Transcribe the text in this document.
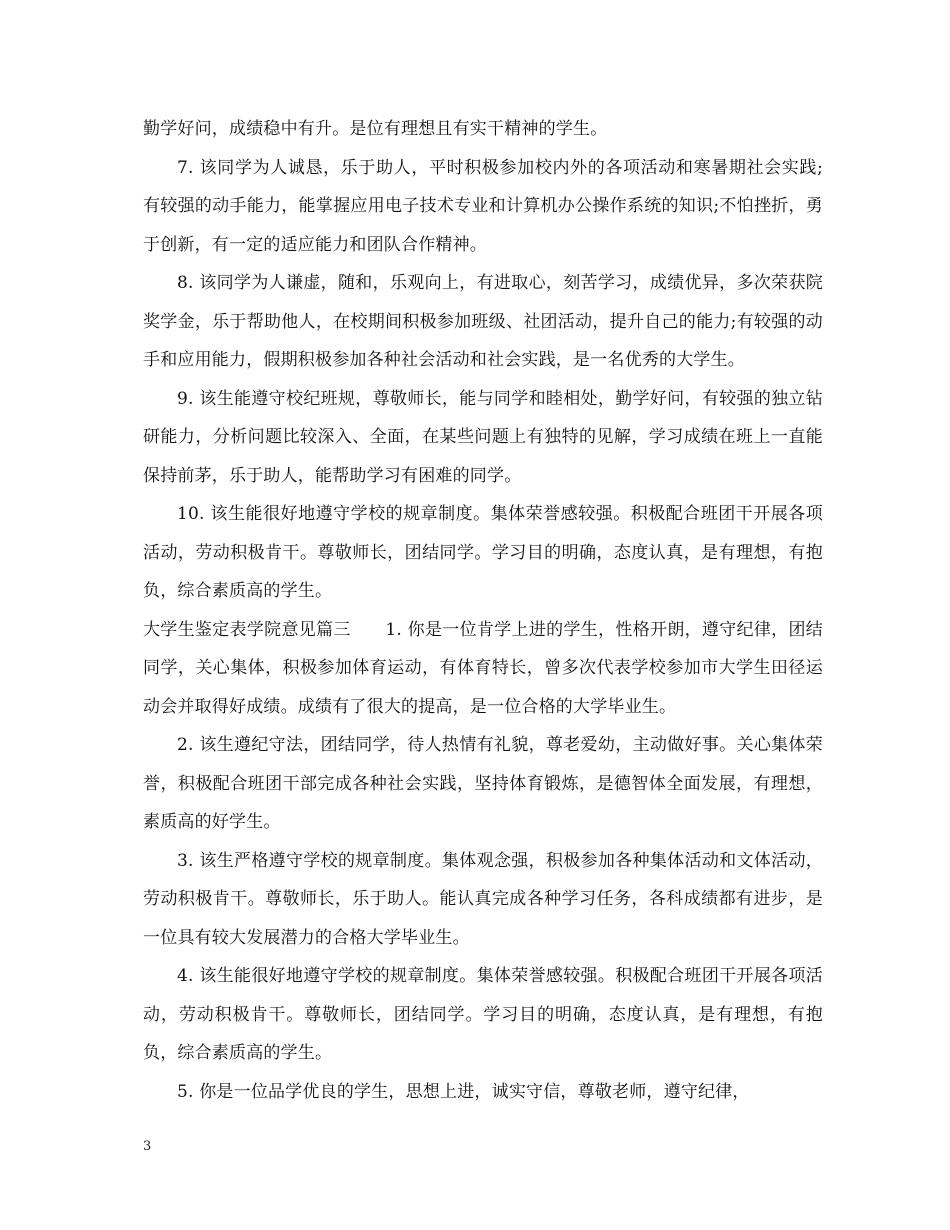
勤学好问，成绩稳中有升。是位有理想且有实干精神的学生。

7. 该同学为人诚恳，乐于助人，平时积极参加校内外的各项活动和寒暑期社会实践;有较强的动手能力，能掌握应用电子技术专业和计算机办公操作系统的知识;不怕挫折，勇于创新，有一定的适应能力和团队合作精神。

8. 该同学为人谦虚，随和，乐观向上，有进取心，刻苦学习，成绩优异，多次荣获院奖学金，乐于帮助他人，在校期间积极参加班级、社团活动，提升自己的能力;有较强的动手和应用能力，假期积极参加各种社会活动和社会实践，是一名优秀的大学生。

9. 该生能遵守校纪班规，尊敬师长，能与同学和睦相处，勤学好问，有较强的独立钻研能力，分析问题比较深入、全面，在某些问题上有独特的见解，学习成绩在班上一直能保持前茅，乐于助人，能帮助学习有困难的同学。

10. 该生能很好地遵守学校的规章制度。集体荣誉感较强。积极配合班团干开展各项活动，劳动积极肯干。尊敬师长，团结同学。学习目的明确，态度认真，是有理想，有抱负，综合素质高的学生。

大学生鉴定表学院意见篇三　　1. 你是一位肯学上进的学生，性格开朗，遵守纪律，团结同学，关心集体，积极参加体育运动，有体育特长，曾多次代表学校参加市大学生田径运动会并取得好成绩。成绩有了很大的提高，是一位合格的大学毕业生。

2. 该生遵纪守法，团结同学，待人热情有礼貌，尊老爱幼，主动做好事。关心集体荣誉，积极配合班团干部完成各种社会实践，坚持体育锻炼，是德智体全面发展，有理想，素质高的好学生。

3. 该生严格遵守学校的规章制度。集体观念强，积极参加各种集体活动和文体活动，劳动积极肯干。尊敬师长，乐于助人。能认真完成各种学习任务，各科成绩都有进步，是一位具有较大发展潜力的合格大学毕业生。

4. 该生能很好地遵守学校的规章制度。集体荣誉感较强。积极配合班团干开展各项活动，劳动积极肯干。尊敬师长，团结同学。学习目的明确，态度认真，是有理想，有抱负，综合素质高的学生。

5. 你是一位品学优良的学生，思想上进，诚实守信，尊敬老师，遵守纪律，

3
